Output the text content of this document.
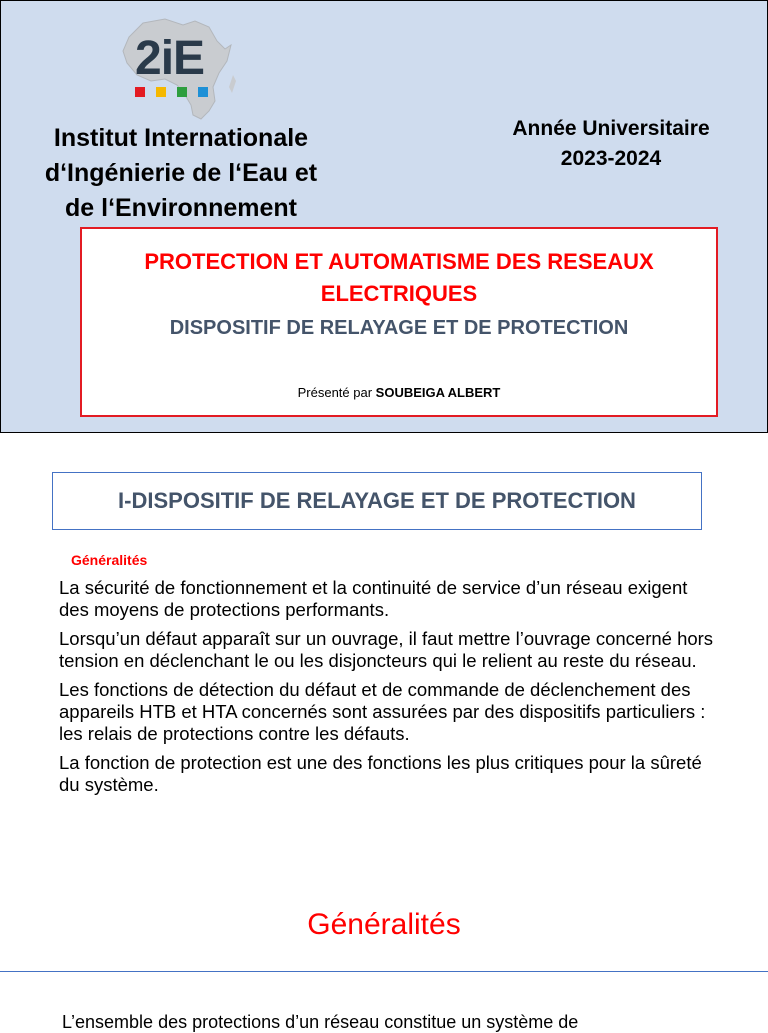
2iE
Institut Internationale
d‘Ingénierie de l‘Eau et
de l‘Environnement
Année Universitaire
2023-2024
PROTECTION ET AUTOMATISME DES RESEAUX
ELECTRIQUES
DISPOSITIF DE RELAYAGE ET DE PROTECTION
Présenté par SOUBEIGA ALBERT
I-DISPOSITIF DE RELAYAGE ET DE PROTECTION
Généralités

La sécurité de fonctionnement et la continuité de service d’un réseau exigent des moyens de protections performants.

Lorsqu’un défaut apparaît sur un ouvrage, il faut mettre l’ouvrage concerné hors tension en déclenchant le ou les disjoncteurs qui le relient au reste du réseau.

Les fonctions de détection du défaut et de commande de déclenchement des appareils HTB et HTA concernés sont assurées par des dispositifs particuliers : les relais de protections contre les défauts.

La fonction de protection est une des fonctions les plus critiques pour la sûreté du système.

Généralités
L’ensemble des protections d’un réseau constitue un système de
